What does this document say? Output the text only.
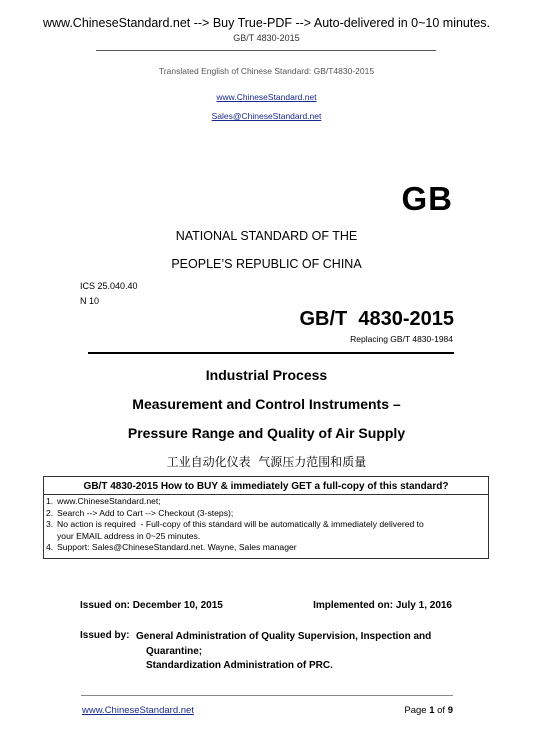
www.ChineseStandard.net --> Buy True-PDF --> Auto-delivered in 0~10 minutes.
GB/T 4830-2015
Translated English of Chinese Standard: GB/T4830-2015
www.ChineseStandard.net
Sales@ChineseStandard.net
GB
NATIONAL STANDARD OF THE
PEOPLE’S REPUBLIC OF CHINA
ICS 25.040.40
N 10
GB/T  4830-2015
Replacing GB/T 4830-1984
Industrial Process
Measurement and Control Instruments –
Pressure Range and Quality of Air Supply
工业自动化仪表  气源压力范围和质量
GB/T 4830-2015 How to BUY & immediately GET a full-copy of this standard?
1. www.ChineseStandard.net;
2. Search --> Add to Cart --> Checkout (3-steps);
3. No action is required  - Full-copy of this standard will be automatically & immediately delivered to
your EMAIL address in 0~25 minutes.
4. Support: Sales@ChineseStandard.net. Wayne, Sales manager
Issued on: December 10, 2015	Implemented on: July 1, 2016
Issued by: General Administration of Quality Supervision, Inspection and
Quarantine;
Standardization Administration of PRC.
www.ChineseStandard.net	Page 1 of 9
